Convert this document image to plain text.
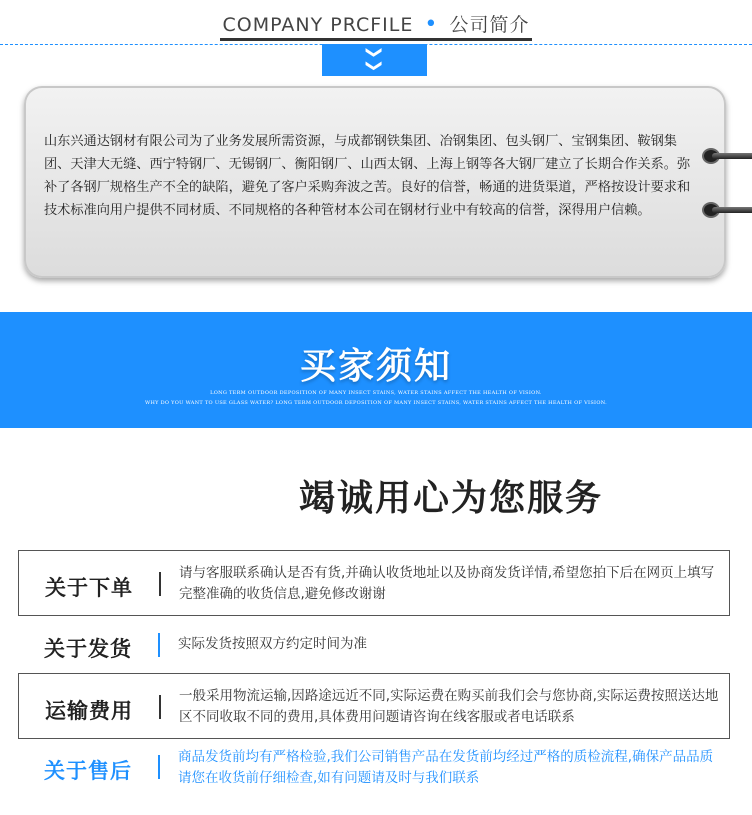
COMPANY PRCFILE • 公司简介
❯❯
山东兴通达钢材有限公司为了业务发展所需资源，与成都钢铁集团、冶钢集团、包头钢厂、宝钢集团、鞍钢集团、天津大无缝、西宁特钢厂、无锡钢厂、衡阳钢厂、山西太钢、上海上钢等各大钢厂建立了长期合作关系。弥补了各钢厂规格生产不全的缺陷，避免了客户采购奔波之苦。良好的信誉，畅通的进货渠道，严格按设计要求和技术标准向用户提供不同材质、不同规格的各种管材本公司在钢材行业中有较高的信誉，深得用户信赖。
买家须知
LONG TERM OUTDOOR DEPOSITION OF MANY INSECT STAINS, WATER STAINS AFFECT THE HEALTH OF VISION.
WHY DO YOU WANT TO USE GLASS WATER? LONG TERM OUTDOOR DEPOSITION OF MANY INSECT STAINS, WATER STAINS AFFECT THE HEALTH OF VISION.
竭诚用心为您服务
关于下单
请与客服联系确认是否有货,并确认收货地址以及协商发货详情,希望您拍下后在网页上填写完整准确的收货信息,避免修改谢谢
关于发货	实际发货按照双方约定时间为准
运输费用
一般采用物流运输,因路途远近不同,实际运费在购买前我们会与您协商,实际运费按照送达地区不同收取不同的费用,具体费用问题请咨询在线客服或者电话联系
关于售后
商品发货前均有严格检验,我们公司销售产品在发货前均经过严格的质检流程,确保产品品质请您在收货前仔细检查,如有问题请及时与我们联系
